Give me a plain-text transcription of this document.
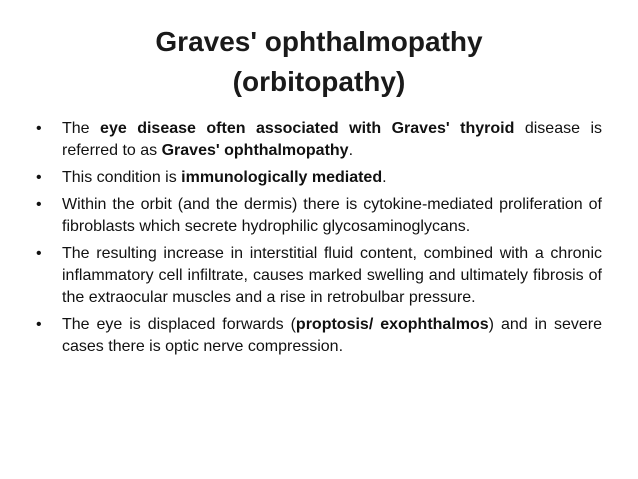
Graves' ophthalmopathy
(orbitopathy)
• The eye disease often associated with Graves' thyroid disease is referred to as Graves' ophthalmopathy.
• This condition is immunologically mediated.
• Within the orbit (and the dermis) there is cytokine-mediated proliferation of fibroblasts which secrete hydrophilic glycosaminoglycans.
• The resulting increase in interstitial fluid content, combined with a chronic inflammatory cell infiltrate, causes marked swelling and ultimately fibrosis of the extraocular muscles and a rise in retrobulbar pressure.
• The eye is displaced forwards (proptosis/ exophthalmos) and in severe cases there is optic nerve compression.
